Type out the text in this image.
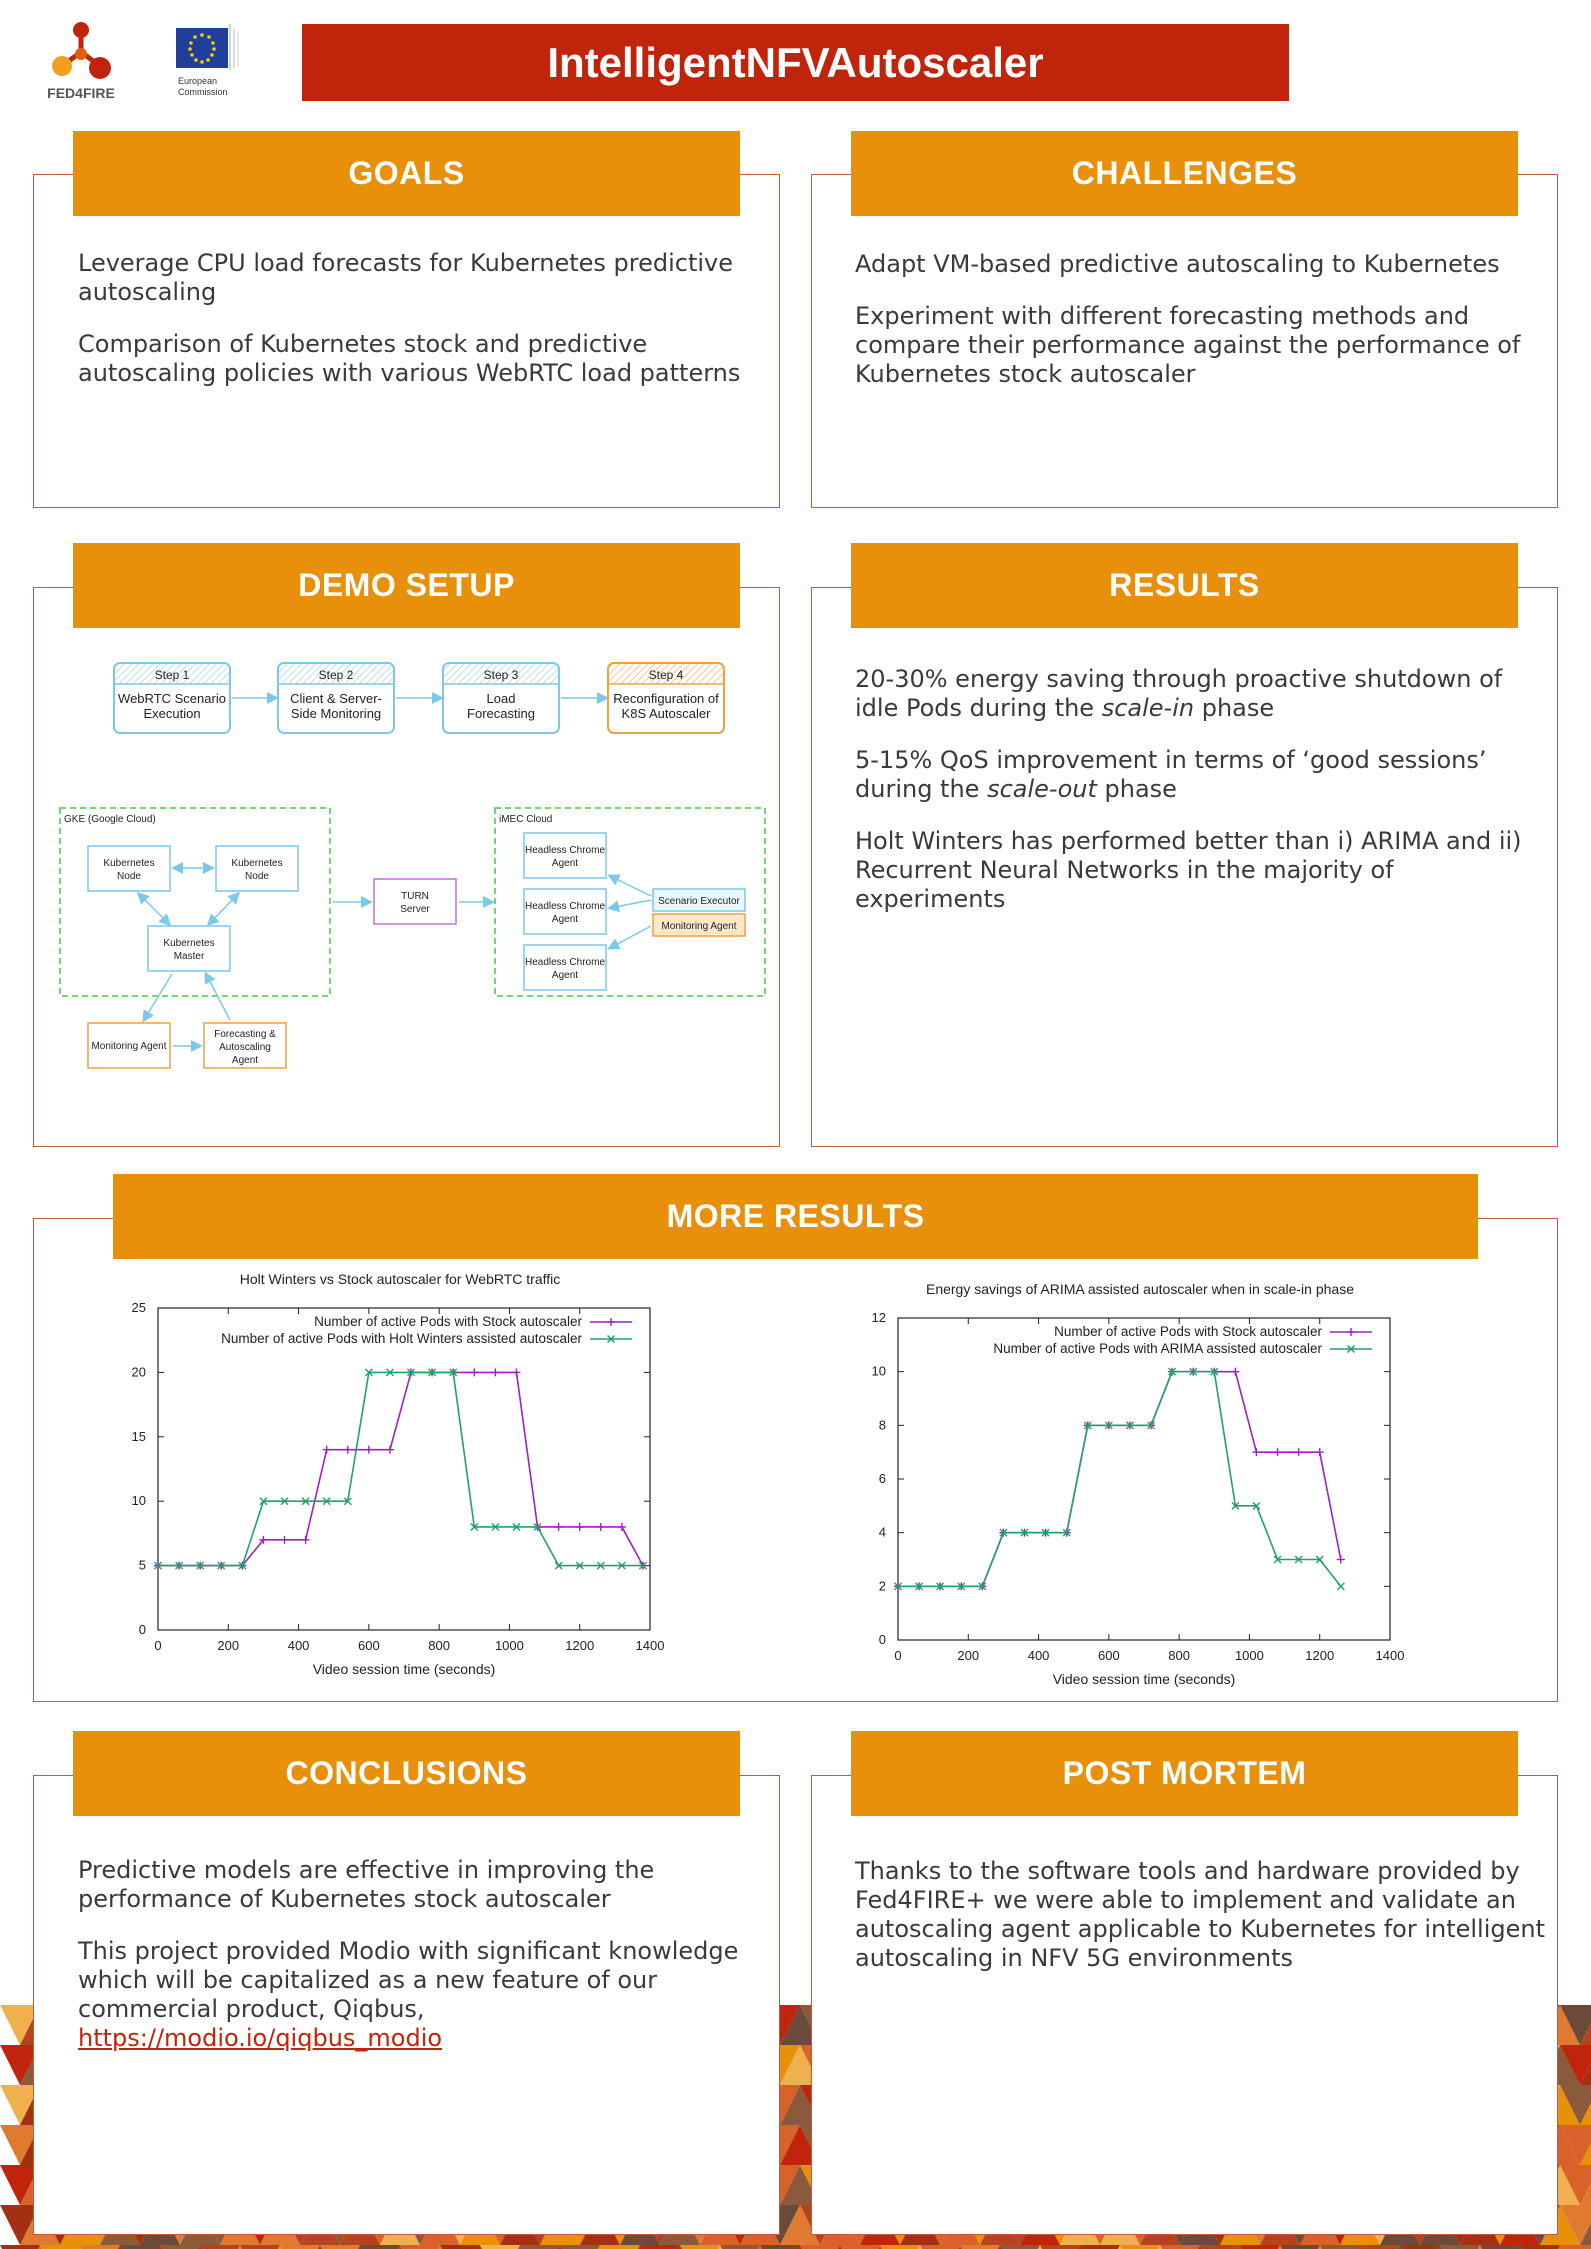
FED4FIRE
European
Commission
IntelligentNFVAutoscaler
GOALS

Leverage CPU load forecasts for Kubernetes predictive autoscaling

Comparison of Kubernetes stock and predictive autoscaling policies with various WebRTC load patterns

CHALLENGES

Adapt VM-based predictive autoscaling to Kubernetes

Experiment with different forecasting methods and compare their performance against the performance of Kubernetes stock autoscaler

DEMO SETUP
Step 1
WebRTC Scenario
Execution
Step 2
Client & Server-
Side Monitoring
Step 3
Load
Forecasting
Step 4
Reconfiguration of
K8S Autoscaler
GKE (Google Cloud)
Kubernetes
Node
Kubernetes
Node
Kubernetes
Master
TURN
Server
iMEC Cloud
Headless Chrome
Agent
Headless Chrome
Agent
Headless Chrome
Agent
Scenario Executor
Monitoring Agent
Monitoring Agent
Forecasting &
Autoscaling
Agent
RESULTS

20-30% energy saving through proactive shutdown of idle Pods during the scale-in phase

5-15% QoS improvement in terms of ‘good sessions’ during the scale-out phase

Holt Winters has performed better than i) ARIMA and ii) Recurrent Neural Networks in the majority of experiments

MORE RESULTS
Holt Winters vs Stock autoscaler for WebRTC traffic
0	200	400	600	800	1000	1200	1400
0
5
10
15
20
25
Video session time (seconds)
Number of active Pods with Stock autoscaler
Number of active Pods with Holt Winters assisted autoscaler
Energy savings of ARIMA assisted autoscaler when in scale-in phase
0	200	400	600	800	1000	1200	1400
0
2
4
6
8
10
12
Video session time (seconds)
Number of active Pods with Stock autoscaler
Number of active Pods with ARIMA assisted autoscaler
CONCLUSIONS

Predictive models are effective in improving the performance of Kubernetes stock autoscaler

This project provided Modio with significant knowledge which will be capitalized as a new feature of our commercial product, Qiqbus,
https://modio.io/qiqbus_modio

POST MORTEM

Thanks to the software tools and hardware provided by Fed4FIRE+ we were able to implement and validate an autoscaling agent applicable to Kubernetes for intelligent autoscaling in NFV 5G environments
